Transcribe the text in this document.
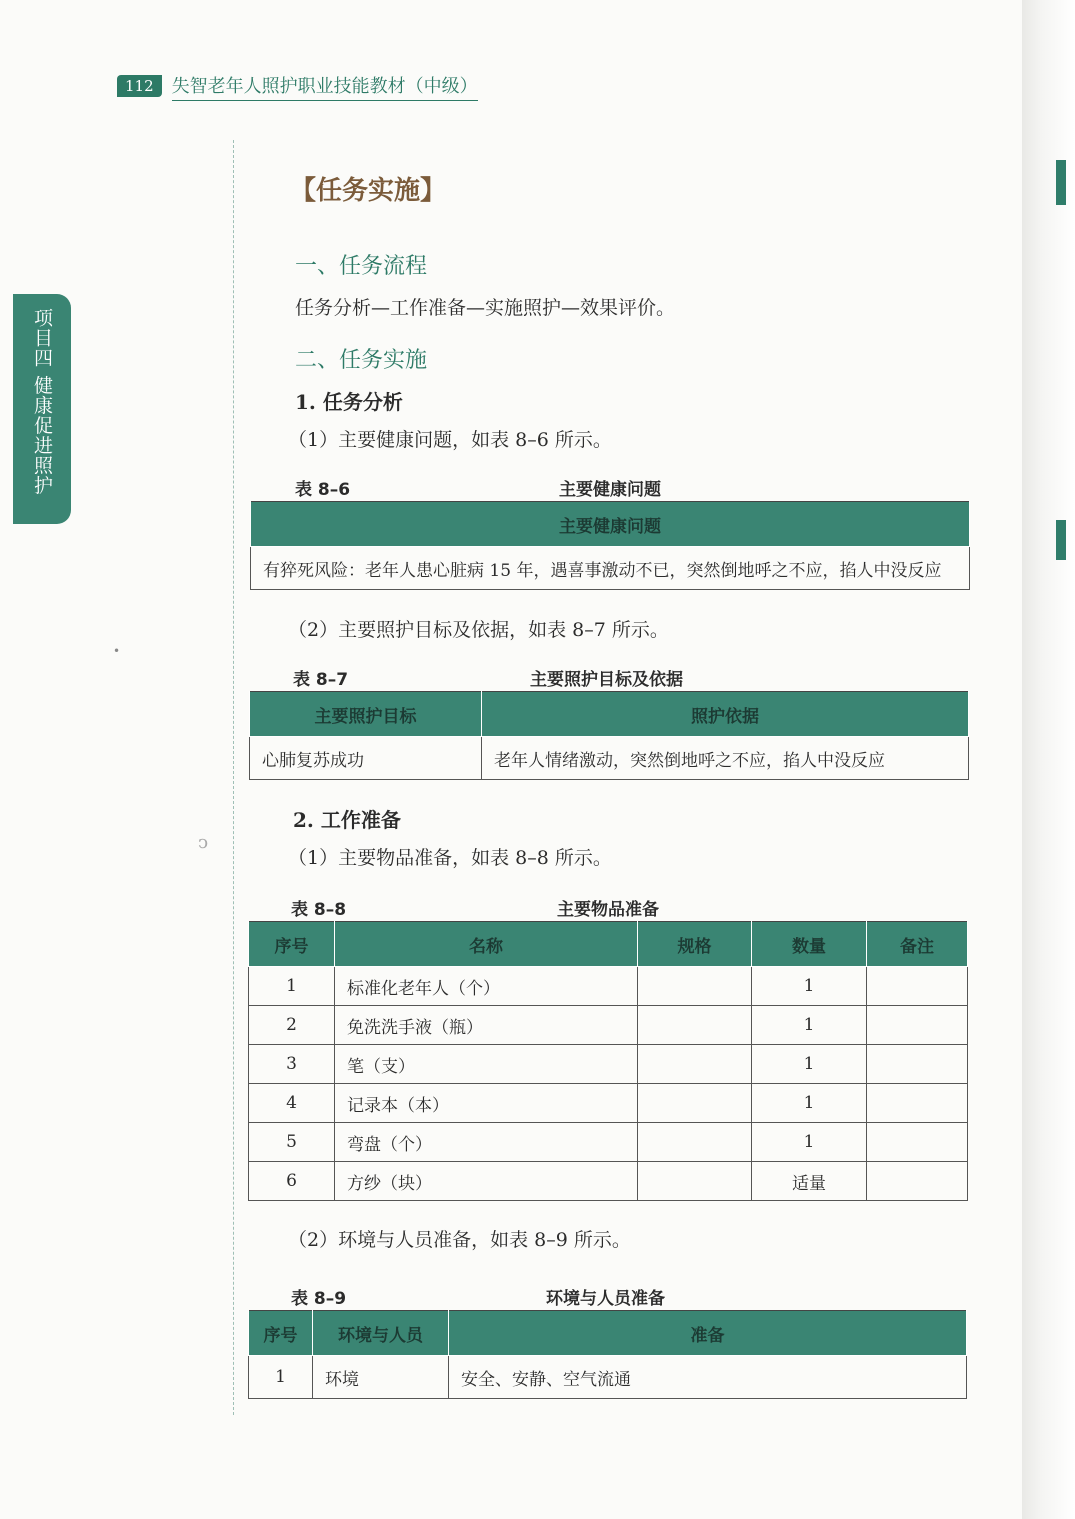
112	失智老年人照护职业技能教材（中级）
项目四 健康促进照护
•
ↄ
【任务实施】
一、任务流程
任务分析—工作准备—实施照护—效果评价。
二、任务实施
1. 任务分析
（1）主要健康问题，如表 8–6 所示。
表 8–6	主要健康问题
主要健康问题
有猝死风险：老年人患心脏病 15 年，遇喜事激动不已，突然倒地呼之不应，掐人中没反应
（2）主要照护目标及依据，如表 8–7 所示。
表 8–7	主要照护目标及依据
主要照护目标	照护依据
心肺复苏成功	老年人情绪激动，突然倒地呼之不应，掐人中没反应
2. 工作准备
（1）主要物品准备，如表 8–8 所示。
表 8–8	主要物品准备
序号	名称	规格	数量	备注
1	标准化老年人（个）		1	
2	免洗洗手液（瓶）		1	
3	笔（支）		1	
4	记录本（本）		1	
5	弯盘（个）		1	
6	方纱（块）		适量	
（2）环境与人员准备，如表 8–9 所示。
表 8–9	环境与人员准备
序号	环境与人员	准备
1	环境	安全、安静、空气流通
